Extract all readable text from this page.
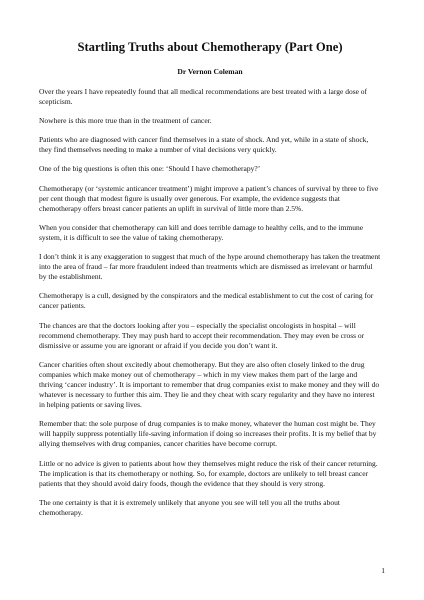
Startling Truths about Chemotherapy (Part One)
Dr Vernon Coleman

Over the years I have repeatedly found that all medical recommendations are best treated with a large dose of scepticism.

Nowhere is this more true than in the treatment of cancer.

Patients who are diagnosed with cancer find themselves in a state of shock. And yet, while in a state of shock, they find themselves needing to make a number of vital decisions very quickly.

One of the big questions is often this one: ‘Should I have chemotherapy?’

Chemotherapy (or ‘systemic anticancer treatment’) might improve a patient’s chances of survival by three to five per cent though that modest figure is usually over generous. For example, the evidence suggests that chemotherapy offers breast cancer patients an uplift in survival of little more than 2.5%.

When you consider that chemotherapy can kill and does terrible damage to healthy cells, and to the immune system, it is difficult to see the value of taking chemotherapy.

I don’t think it is any exaggeration to suggest that much of the hype around chemotherapy has taken the treatment into the area of fraud – far more fraudulent indeed than treatments which are dismissed as irrelevant or harmful by the establishment.

Chemotherapy is a cull, designed by the conspirators and the medical establishment to cut the cost of caring for cancer patients.

The chances are that the doctors looking after you – especially the specialist oncologists in hospital – will recommend chemotherapy. They may push hard to accept their recommendation. They may even be cross or dismissive or assume you are ignorant or afraid if you decide you don’t want it.

Cancer charities often shout excitedly about chemotherapy. But they are also often closely linked to the drug companies which make money out of chemotherapy – which in my view makes them part of the large and thriving ‘cancer industry’. It is important to remember that drug companies exist to make money and they will do whatever is necessary to further this aim. They lie and they cheat with scary regularity and they have no interest in helping patients or saving lives.

Remember that: the sole purpose of drug companies is to make money, whatever the human cost might be. They will happily suppress potentially life-saving information if doing so increases their profits. It is my belief that by allying themselves with drug companies, cancer charities have become corrupt.

Little or no advice is given to patients about how they themselves might reduce the risk of their cancer returning. The implication is that its chemotherapy or nothing. So, for example, doctors are unlikely to tell breast cancer patients that they should avoid dairy foods, though the evidence that they should is very strong.

The one certainty is that it is extremely unlikely that anyone you see will tell you all the truths about chemotherapy.

1
